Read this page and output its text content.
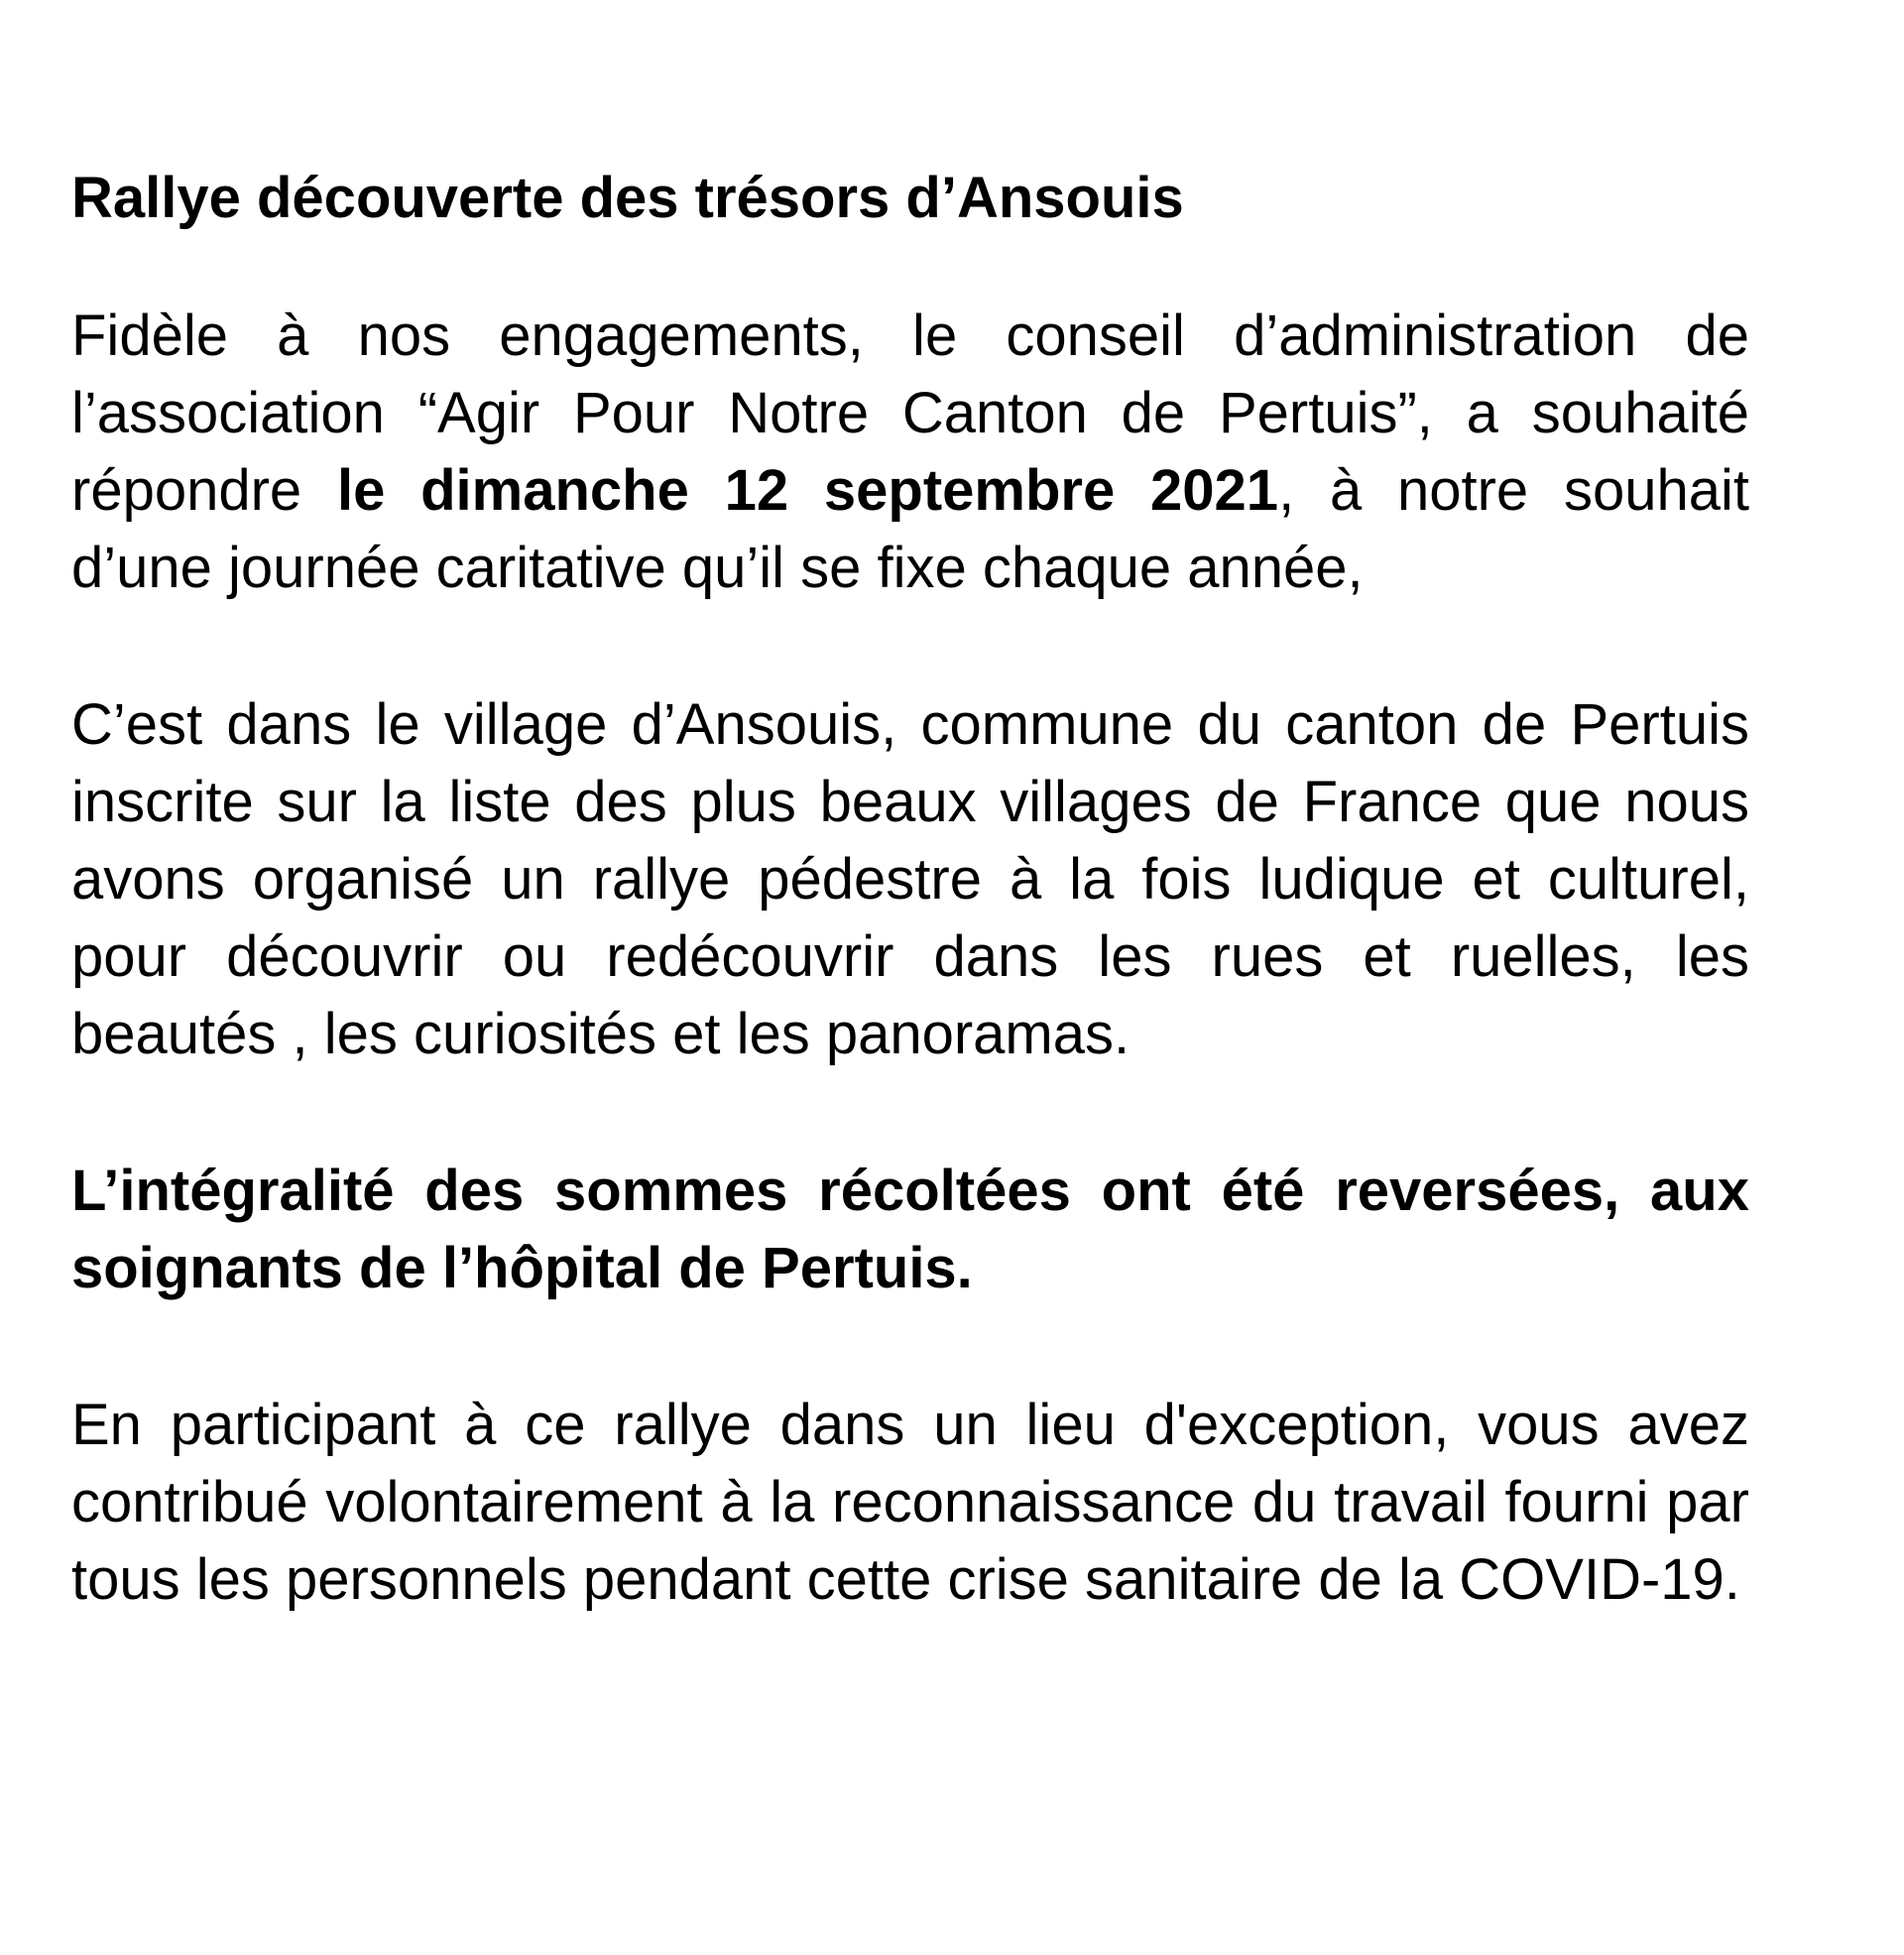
Rallye découverte des trésors d’Ansouis

Fidèle à nos engagements, le conseil d’administration de l’association “Agir Pour Notre Canton de Pertuis”, a souhaité répondre le dimanche 12 septembre 2021, à notre souhait d’une journée caritative qu’il se fixe chaque année,

C’est dans le village d’Ansouis, commune du canton de Pertuis inscrite sur la liste des plus beaux villages de France que nous avons organisé un rallye pédestre à la fois ludique et culturel, pour découvrir ou redécouvrir dans les rues et ruelles, les beautés , les curiosités et les panoramas.

L’intégralité des sommes récoltées ont été reversées, aux soignants de l’hôpital de Pertuis.

En participant à ce rallye dans un lieu d'exception, vous avez contribué volontairement à la reconnaissance du travail fourni par tous les personnels pendant cette crise sanitaire de la COVID-19.
